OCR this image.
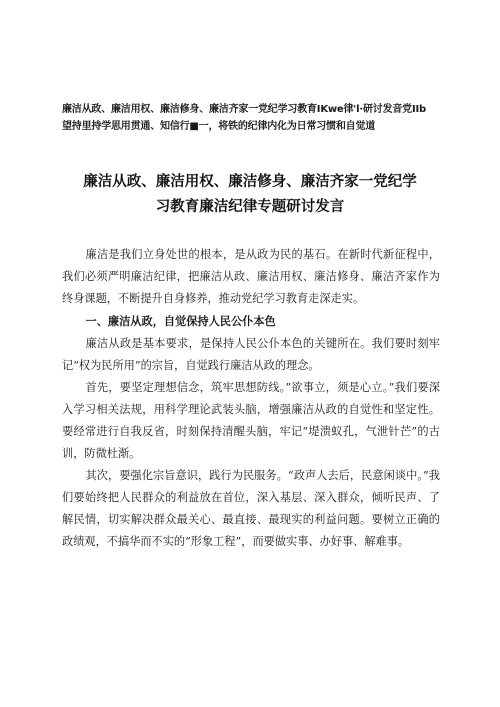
廉洁从政、廉洁用权、廉洁修身、廉洁齐家一党纪学习教育IKwe律'l·研讨发音党IIb
望持里持学思用贯通、知信行■一，将铁的纪律内化为日常习惯和自觉道
廉洁从政、廉洁用权、廉洁修身、廉洁齐家一党纪学
习教育廉洁纪律专题研讨发言

廉洁是我们立身处世的根本，是从政为民的基石。在新时代新征程中，我们必须严明廉洁纪律，把廉洁从政、廉洁用权、廉洁修身、廉洁齐家作为终身课题，不断提升自身修养，推动党纪学习教育走深走实。

一、廉洁从政，自觉保持人民公仆本色

廉洁从政是基本要求，是保持人民公仆本色的关键所在。我们要时刻牢记“权为民所用”的宗旨，自觉践行廉洁从政的理念。

首先，要坚定理想信念，筑牢思想防线。”欲事立，须是心立。”我们要深入学习相关法规，用科学理论武装头脑，增强廉洁从政的自觉性和坚定性。要经常进行自我反省，时刻保持清醒头脑，牢记“堤溃蚁孔，气泄针芒”的古训，防微杜渐。

其次，要强化宗旨意识，践行为民服务。“政声人去后，民意闲谈中。”我们要始终把人民群众的利益放在首位，深入基层、深入群众，倾听民声、了解民情，切实解决群众最关心、最直接、最现实的利益问题。要树立正确的政绩观，不搞华而不实的“形象工程”，而要做实事、办好事、解难事。
